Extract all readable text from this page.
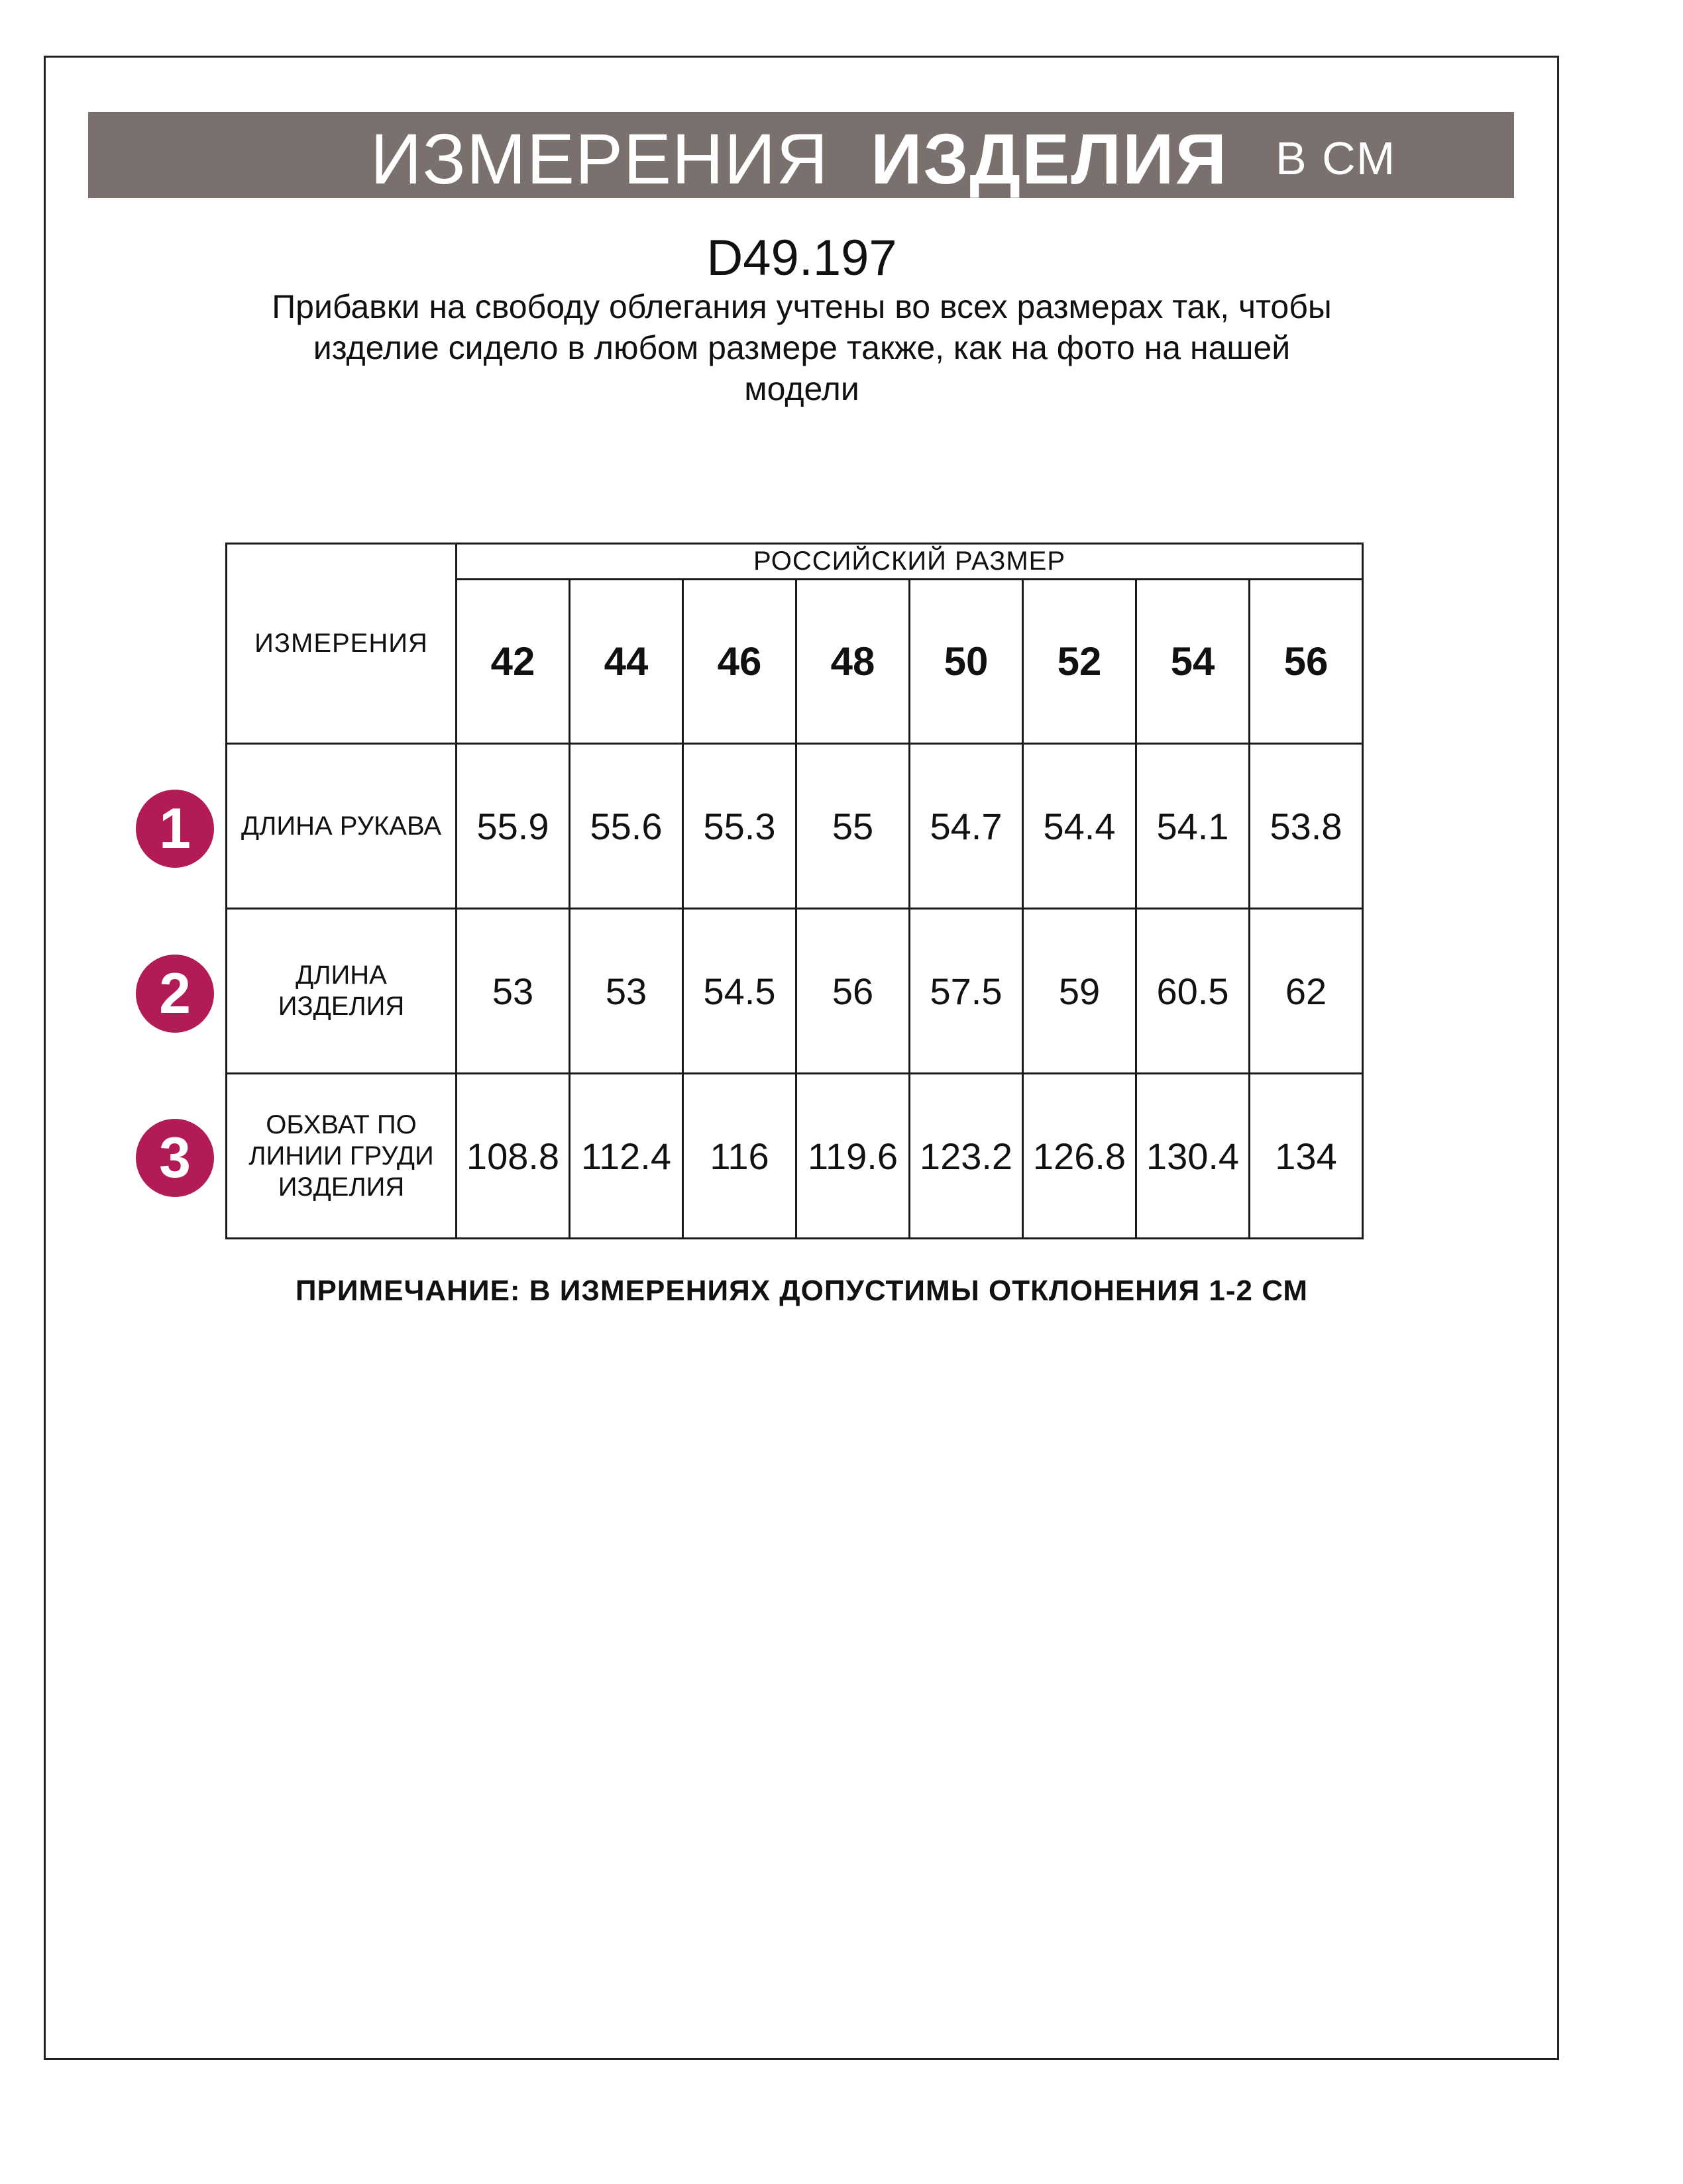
ИЗМЕРЕНИЯ ИЗДЕЛИЯ В СМ
D49.197
Прибавки на свободу облегания учтены во всех размерах так, чтобы
изделие сидело в любом размере также, как на фото на нашей
модели
ИЗМЕРЕНИЯ	РОССИЙСКИЙ РАЗМЕР							
	42	44	46	48	50	52	54	56

ДЛИНА РУКАВА	55.9	55.6	55.3	55	54.7	54.4	54.1	53.8

ДЛИНА
ИЗДЕЛИЯ	53	53	54.5	56	57.5	59	60.5	62

ОБХВАТ ПО
ЛИНИИ ГРУДИ
ИЗДЕЛИЯ	108.8	112.4	116	119.6	123.2	126.8	130.4	134
1
2
3
ПРИМЕЧАНИЕ: В ИЗМЕРЕНИЯХ ДОПУСТИМЫ ОТКЛОНЕНИЯ 1-2 СМ
